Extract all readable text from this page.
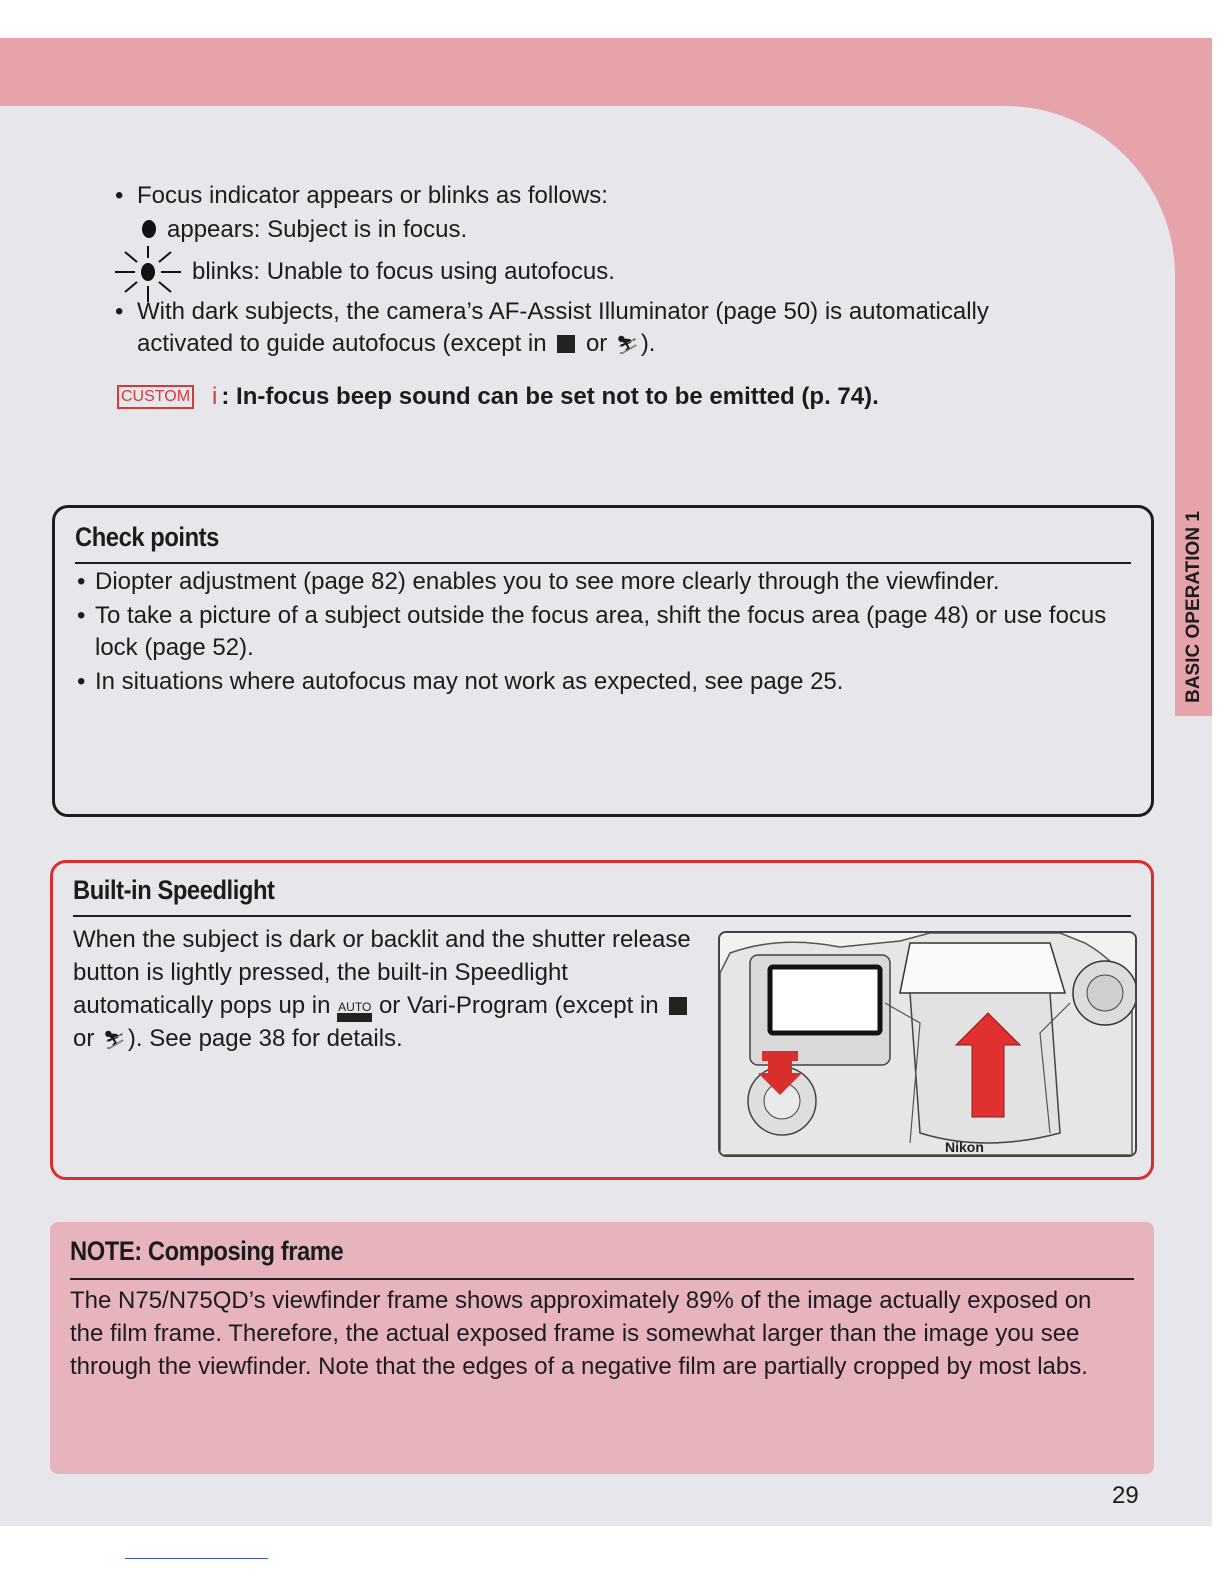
BASIC OPERATION 1
• Focus indicator appears or blinks as follows:
appears: Subject is in focus.
blinks: Unable to focus using autofocus.
• With dark subjects, the camera’s AF-Assist Illuminator (page 50) is automatically
activated to guide autofocus (except in or ⛷).
CUSTOM i : In-focus beep sound can be set not to be emitted (p. 74).
Check points
• Diopter adjustment (page 82) enables you to see more clearly through the viewfinder.
• To take a picture of a subject outside the focus area, shift the focus area (page 48) or use focus lock (page 52).
• In situations where autofocus may not work as expected, see page 25.
Built-in Speedlight
When the subject is dark or backlit and the shutter release button is lightly pressed, the built-in Speedlight automatically pops up in AUTO or Vari-Program (except in  or ⛷). See page 38 for details.
Nikon
NOTE: Composing frame
The N75/N75QD’s viewfinder frame shows approximately 89% of the image actually exposed on the film frame. Therefore, the actual exposed frame is somewhat larger than the image you see through the viewfinder. Note that the edges of a negative film are partially cropped by most labs.
29
